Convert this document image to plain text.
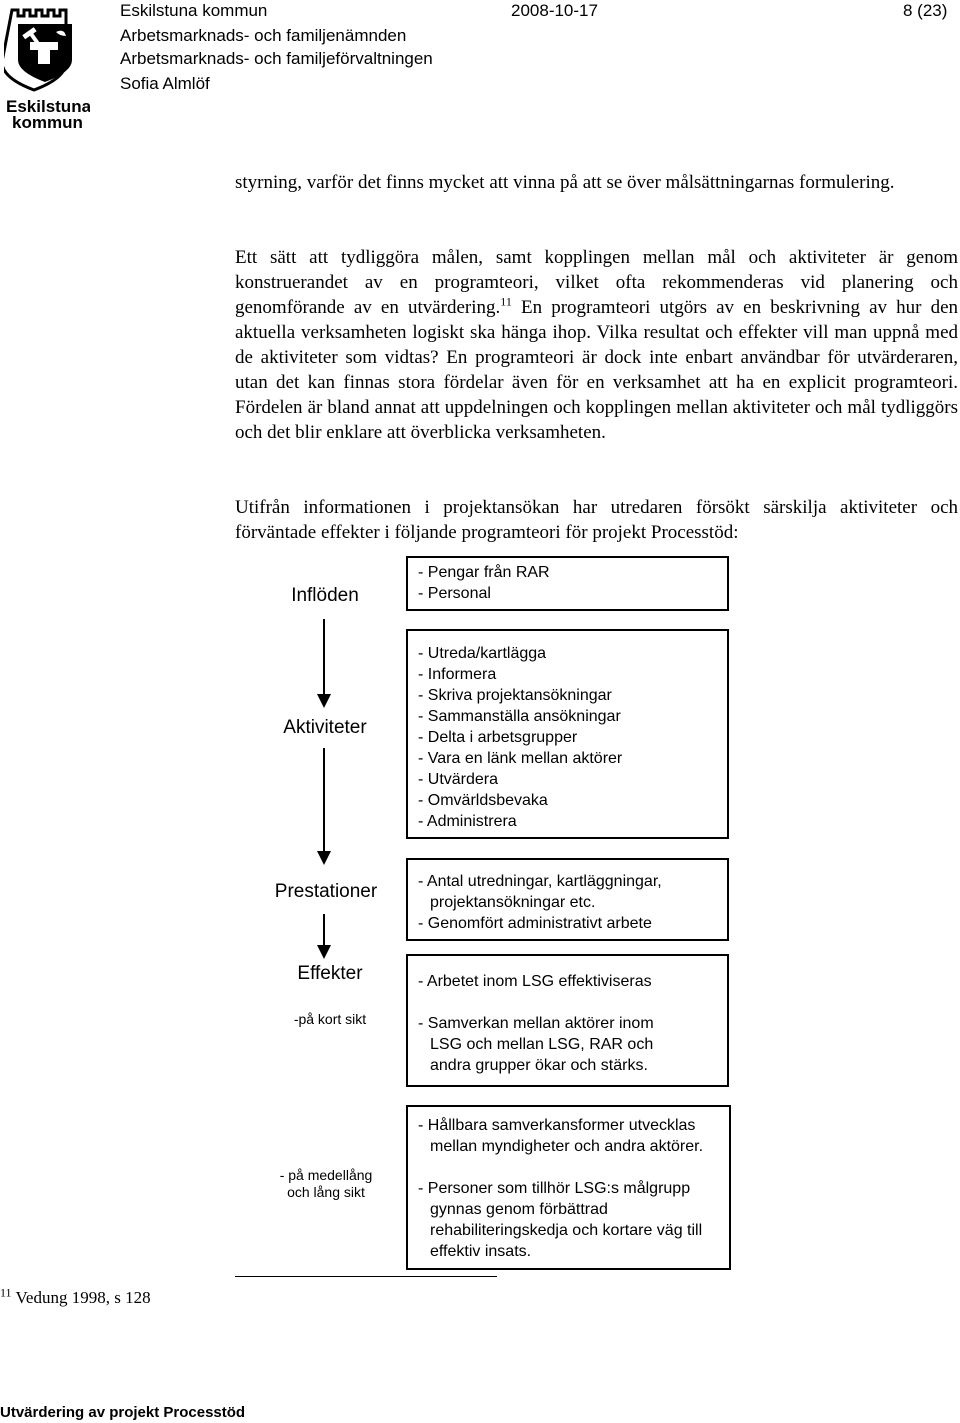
Eskilstuna
kommun
Eskilstuna kommun	2008-10-17	8 (23)
Arbetsmarknads- och familjenämnden
Arbetsmarknads- och familjeförvaltningen
Sofia Almlöf

styrning, varför det finns mycket att vinna på att se över målsättningarnas formulering.

Ett sätt att tydliggöra målen, samt kopplingen mellan mål och aktiviteter är genom konstruerandet av en programteori, vilket ofta rekommenderas vid planering och genomförande av en utvärdering.$^{11}$ En programteori utgörs av en beskrivning av hur den aktuella verksamheten logiskt ska hänga ihop. Vilka resultat och effekter vill man uppnå med de aktiviteter som vidtas? En programteori är dock inte enbart användbar för utvärderaren, utan det kan finnas stora fördelar även för en verksamhet att ha en explicit programteori. Fördelen är bland annat att uppdelningen och kopplingen mellan aktiviteter och mål tydliggörs och det blir enklare att överblicka verksamheten.

Utifrån informationen i projektansökan har utredaren försökt särskilja aktiviteter och förväntade effekter i följande programteori för projekt Processtöd:

Inflöden
Aktiviteter
Prestationer
Effekter
-på kort sikt
- på medellång
och lång sikt
- Pengar från RAR
- Personal
- Utreda/kartlägga
- Informera
- Skriva projektansökningar
- Sammanställa ansökningar
- Delta i arbetsgrupper
- Vara en länk mellan aktörer
- Utvärdera
- Omvärldsbevaka
- Administrera
- Antal utredningar, kartläggningar,
projektansökningar etc.
- Genomfört administrativt arbete
- Arbetet inom LSG effektiviseras
- Samverkan mellan aktörer inom
LSG och mellan LSG, RAR och
andra grupper ökar och stärks.
- Hållbara samverkansformer utvecklas
mellan myndigheter och andra aktörer.
- Personer som tillhör LSG:s målgrupp
gynnas genom förbättrad
rehabiliteringskedja och kortare väg till
effektiv insats.
$^{11}$ Vedung 1998, s 128
Utvärdering av projekt Processtöd
